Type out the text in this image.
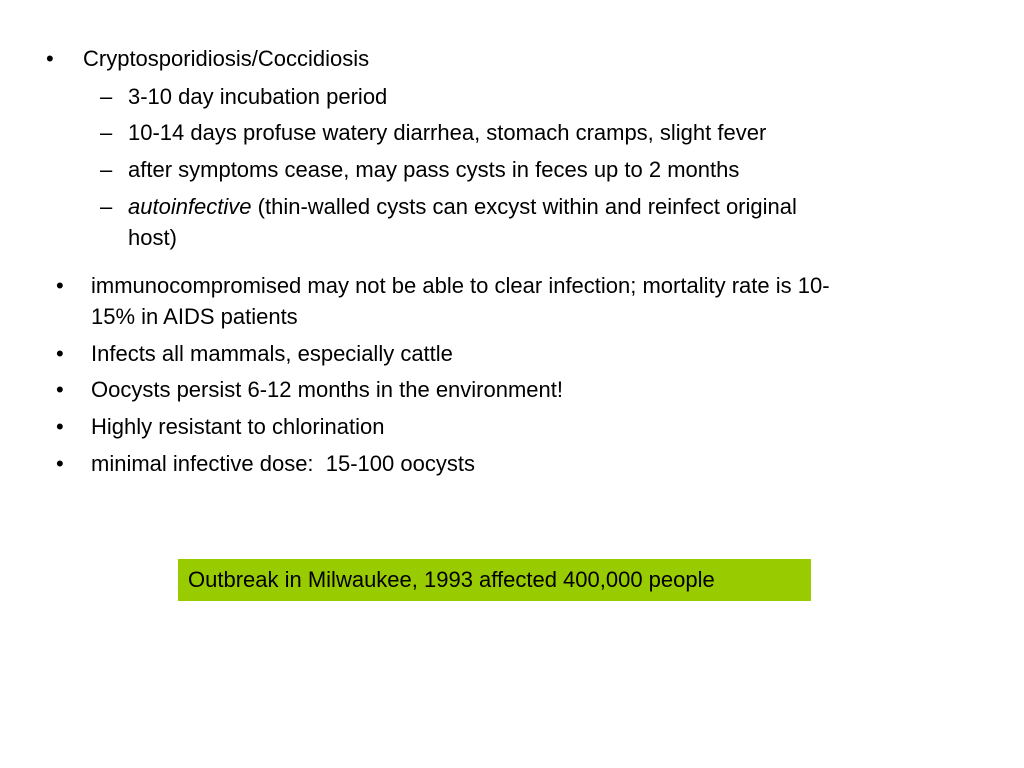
• Cryptosporidiosis/Coccidiosis
– 3-10 day incubation period
– 10-14 days profuse watery diarrhea, stomach cramps, slight fever
– after symptoms cease, may pass cysts in feces up to 2 months
– autoinfective (thin-walled cysts can excyst within and reinfect original
host)
• immunocompromised may not be able to clear infection; mortality rate is 10-
15% in AIDS patients
• Infects all mammals, especially cattle
• Oocysts persist 6-12 months in the environment!
• Highly resistant to chlorination
• minimal infective dose:  15-100 oocysts
Outbreak in Milwaukee, 1993 affected 400,000 people
